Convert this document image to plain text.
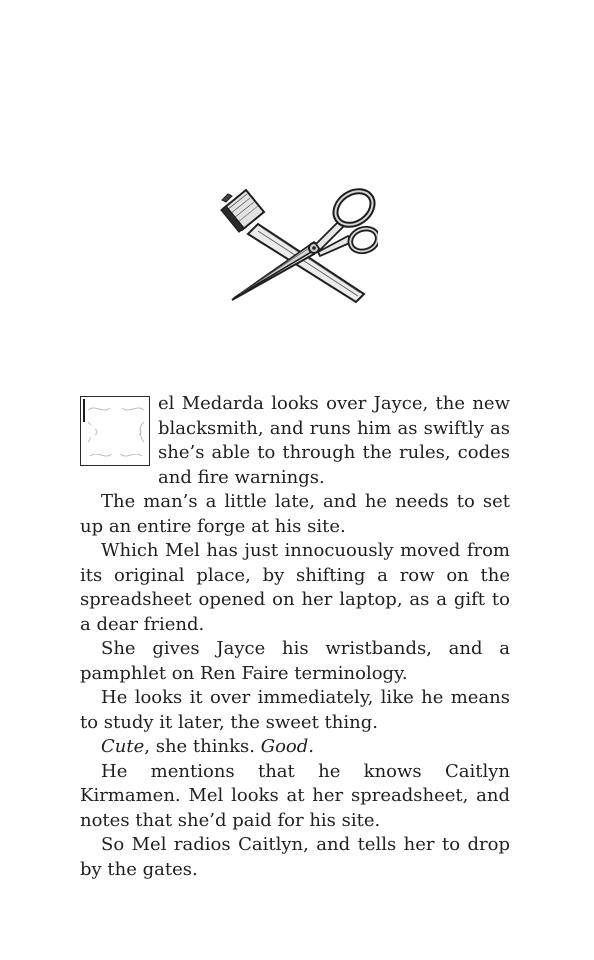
el Medarda looks over Jayce, the new blacksmith, and runs him as swiftly as she’s able to through the rules, codes and fire warnings.

The man’s a little late, and he needs to set up an entire forge at his site.

Which Mel has just innocuously moved from its original place, by shifting a row on the spreadsheet opened on her laptop, as a gift to a dear friend.

She gives Jayce his wristbands, and a pamphlet on Ren Faire terminology.

He looks it over immediately, like he means to study it later, the sweet thing.

Cute, she thinks. Good.

He mentions that he knows Caitlyn Kirmamen. Mel looks at her spreadsheet, and notes that she’d paid for his site.

So Mel radios Caitlyn, and tells her to drop by the gates.
